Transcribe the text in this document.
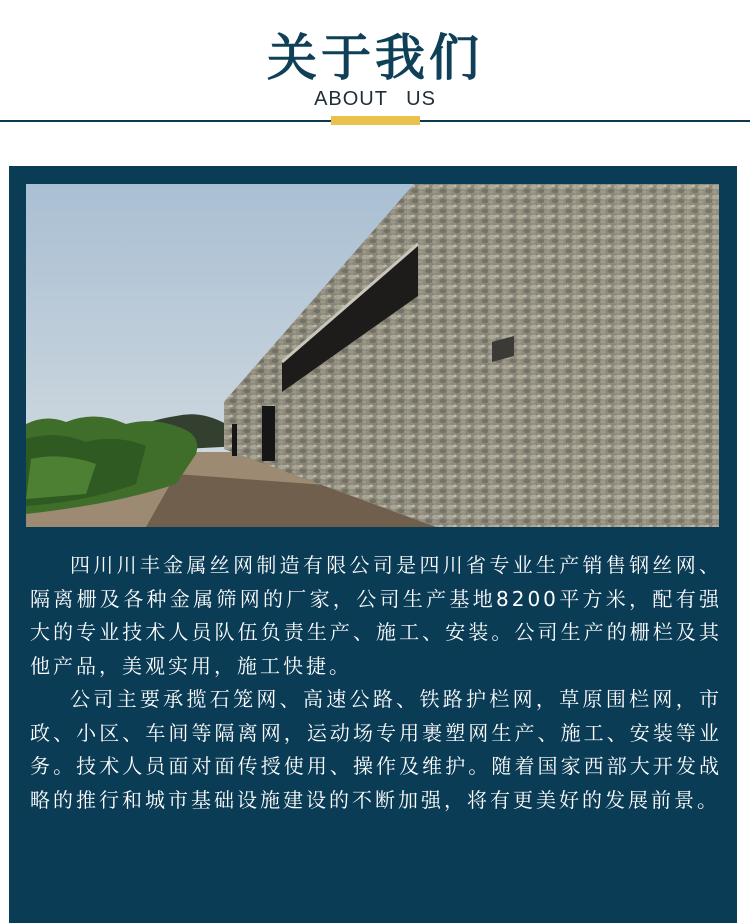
关于我们
ABOUT US

四川川丰金属丝网制造有限公司是四川省专业生产销售钢丝网、隔离栅及各种金属筛网的厂家，公司生产基地8200平方米，配有强大的专业技术人员队伍负责生产、施工、安装。公司生产的栅栏及其他产品，美观实用，施工快捷。

公司主要承揽石笼网、高速公路、铁路护栏网，草原围栏网，市政、小区、车间等隔离网，运动场专用裹塑网生产、施工、安装等业务。技术人员面对面传授使用、操作及维护。随着国家西部大开发战略的推行和城市基础设施建设的不断加强，将有更美好的发展前景。
